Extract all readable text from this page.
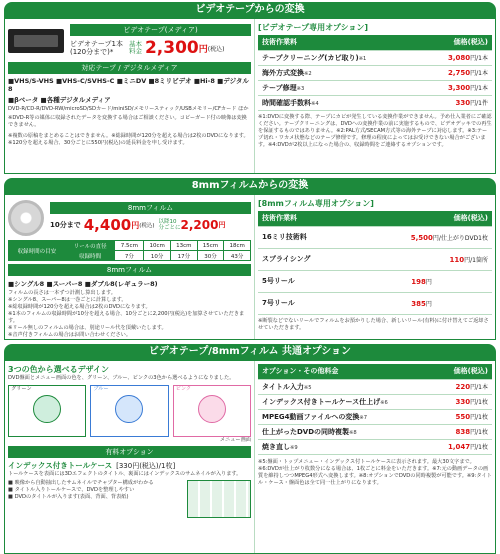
ビデオテープからの変換
ビデオテープ(メディア)
ビデオテープ1本
(120分まで)*
基本
料金 2,300 円 (税込)
対応テープ / デジタルメディア
■VHS/S-VHS ■VHS-C/SVHS-C ■ミニDV ■8ミリビデオ ■Hi-8 ■デジタル8
■βベータ ■各種デジタルメディア
DVD-R/CD-R/DVD-RW/microSD/SDカード/miniSD/メモリースティック/USBメモリー/CFカード ほか
※DVD-R等の媒体に収録されたデータを変換する場合はご相談ください。コピーガード付の映像は変換できません。
※複数の原稿をまとめることはできません。※総録時間が120分を超える場合は2枚のDVDになります。
※120分を超える場合、30分ごとに550円(税込)の延長料金を申し受けます。
[ビデオテープ専用オプション]
技術作業料	価格(税込)
テープクリーニング(カビ取り)※1	3,080円/1本
海外方式変換※2	2,750円/1本
テープ修理※3	3,300円/1本
時間確認手数料※4	330円/1件
※1:DVDに変換する際、テープにカビが発生している変換作業ができません。予め仕入業者にご確認ください。テープクリーニングは、DVDへの変換作業の前に実施するもので、ビデオデッキでの再生を保証するものではありません。※2:PAL方式/SECAM方式等の海外テープに対応します。※3:テープ切れ・ワカメ状態などのテープ修理です。修理の程度によってはお受けできない場合がございます。※4:DVDが2枚以上になった場合の、収録時間をご連絡するオプションです。
8mmフィルムからの変換
8mmフィルム
10分まで 4,400 円 (税込)
以降10分ごとに 2,200 円
収録時間の目安	リールの直径	7.5cm	10cm	13cm	15cm	18cm
	収録時間	7分	10分	17分	30分	43分
8mmフィルム
■シングル8 ■スーパー8 ■ダブル8(レギュラー8)
フィルムの長さは一本ずつ計測し算出します。
※シングル8、スーパー8は一巻ごとに計算します。
※総収録時間が120分を超える場合は2枚のDVDになります。
※1本のフィルムの収録時間が10分を超える場合、10分ごとに2,200円(税込)を加算させていただきます。
※リール無しのフィルムの場合は、別途リール代を頂戴いたします。
※音声付きフィルムの場合はお問い合わせください。
[8mmフィルム専用オプション]
技術作業料	価格(税込)
16ミリ技術料	5,500円/仕上がりDVD1枚
スプライシング	110円/1箇所
5号リール	198円
7号リール	385円
※断裂などでないリールでフィルムをお預かりした場合、新しいリール(有料)に付け替えてご返却させていただきます。
ビデオテープ/8mmフィルム 共通オプション
3つの色から選べるデザイン
DVD盤面とメニュー画面の色を、グリーン、ブルー、ピンクの3色から選べるようになりました。
グリーン	ブルー	ピンク
メニュー画面
有料オプション
インデックス付きトールケース [330円(税込)/1枚]
トールケースを表面には3Dエフェクトのタイトル、裏面にはインデックスのサムネイルが入ります。
■ 映像から自動抽出したサムネイルでチャプター構成がわかる
■ タイトル入りトールケースで、DVDを整理しやすい
■ DVDのタイトルが入ります(表面、背面、背表紙)
オプション・その他料金	価格(税込)
タイトル入力※5	220円/1本
インデックス付きトールケース仕上げ※6	330円/1枚
MPEG4動画ファイルへの変換※7	550円/1枚
仕上がったDVDの同時複製※8	838円/1枚
焼き直し※9	1,047円/1枚
※5:盤面・トップメニュー・インデックス付トールケースに表示されます。最大30文字まで。※6:DVDが仕上がり枚数分になる場合は、1枚ごとに料金をいただきます。※7:元の動画データの画質を維持しつつMPEG4形式へ変換します。※8:オプションでDVDの同時複製が可能です。※9:タイトル・ケース・盤面色は全て同一仕上がりになります。
